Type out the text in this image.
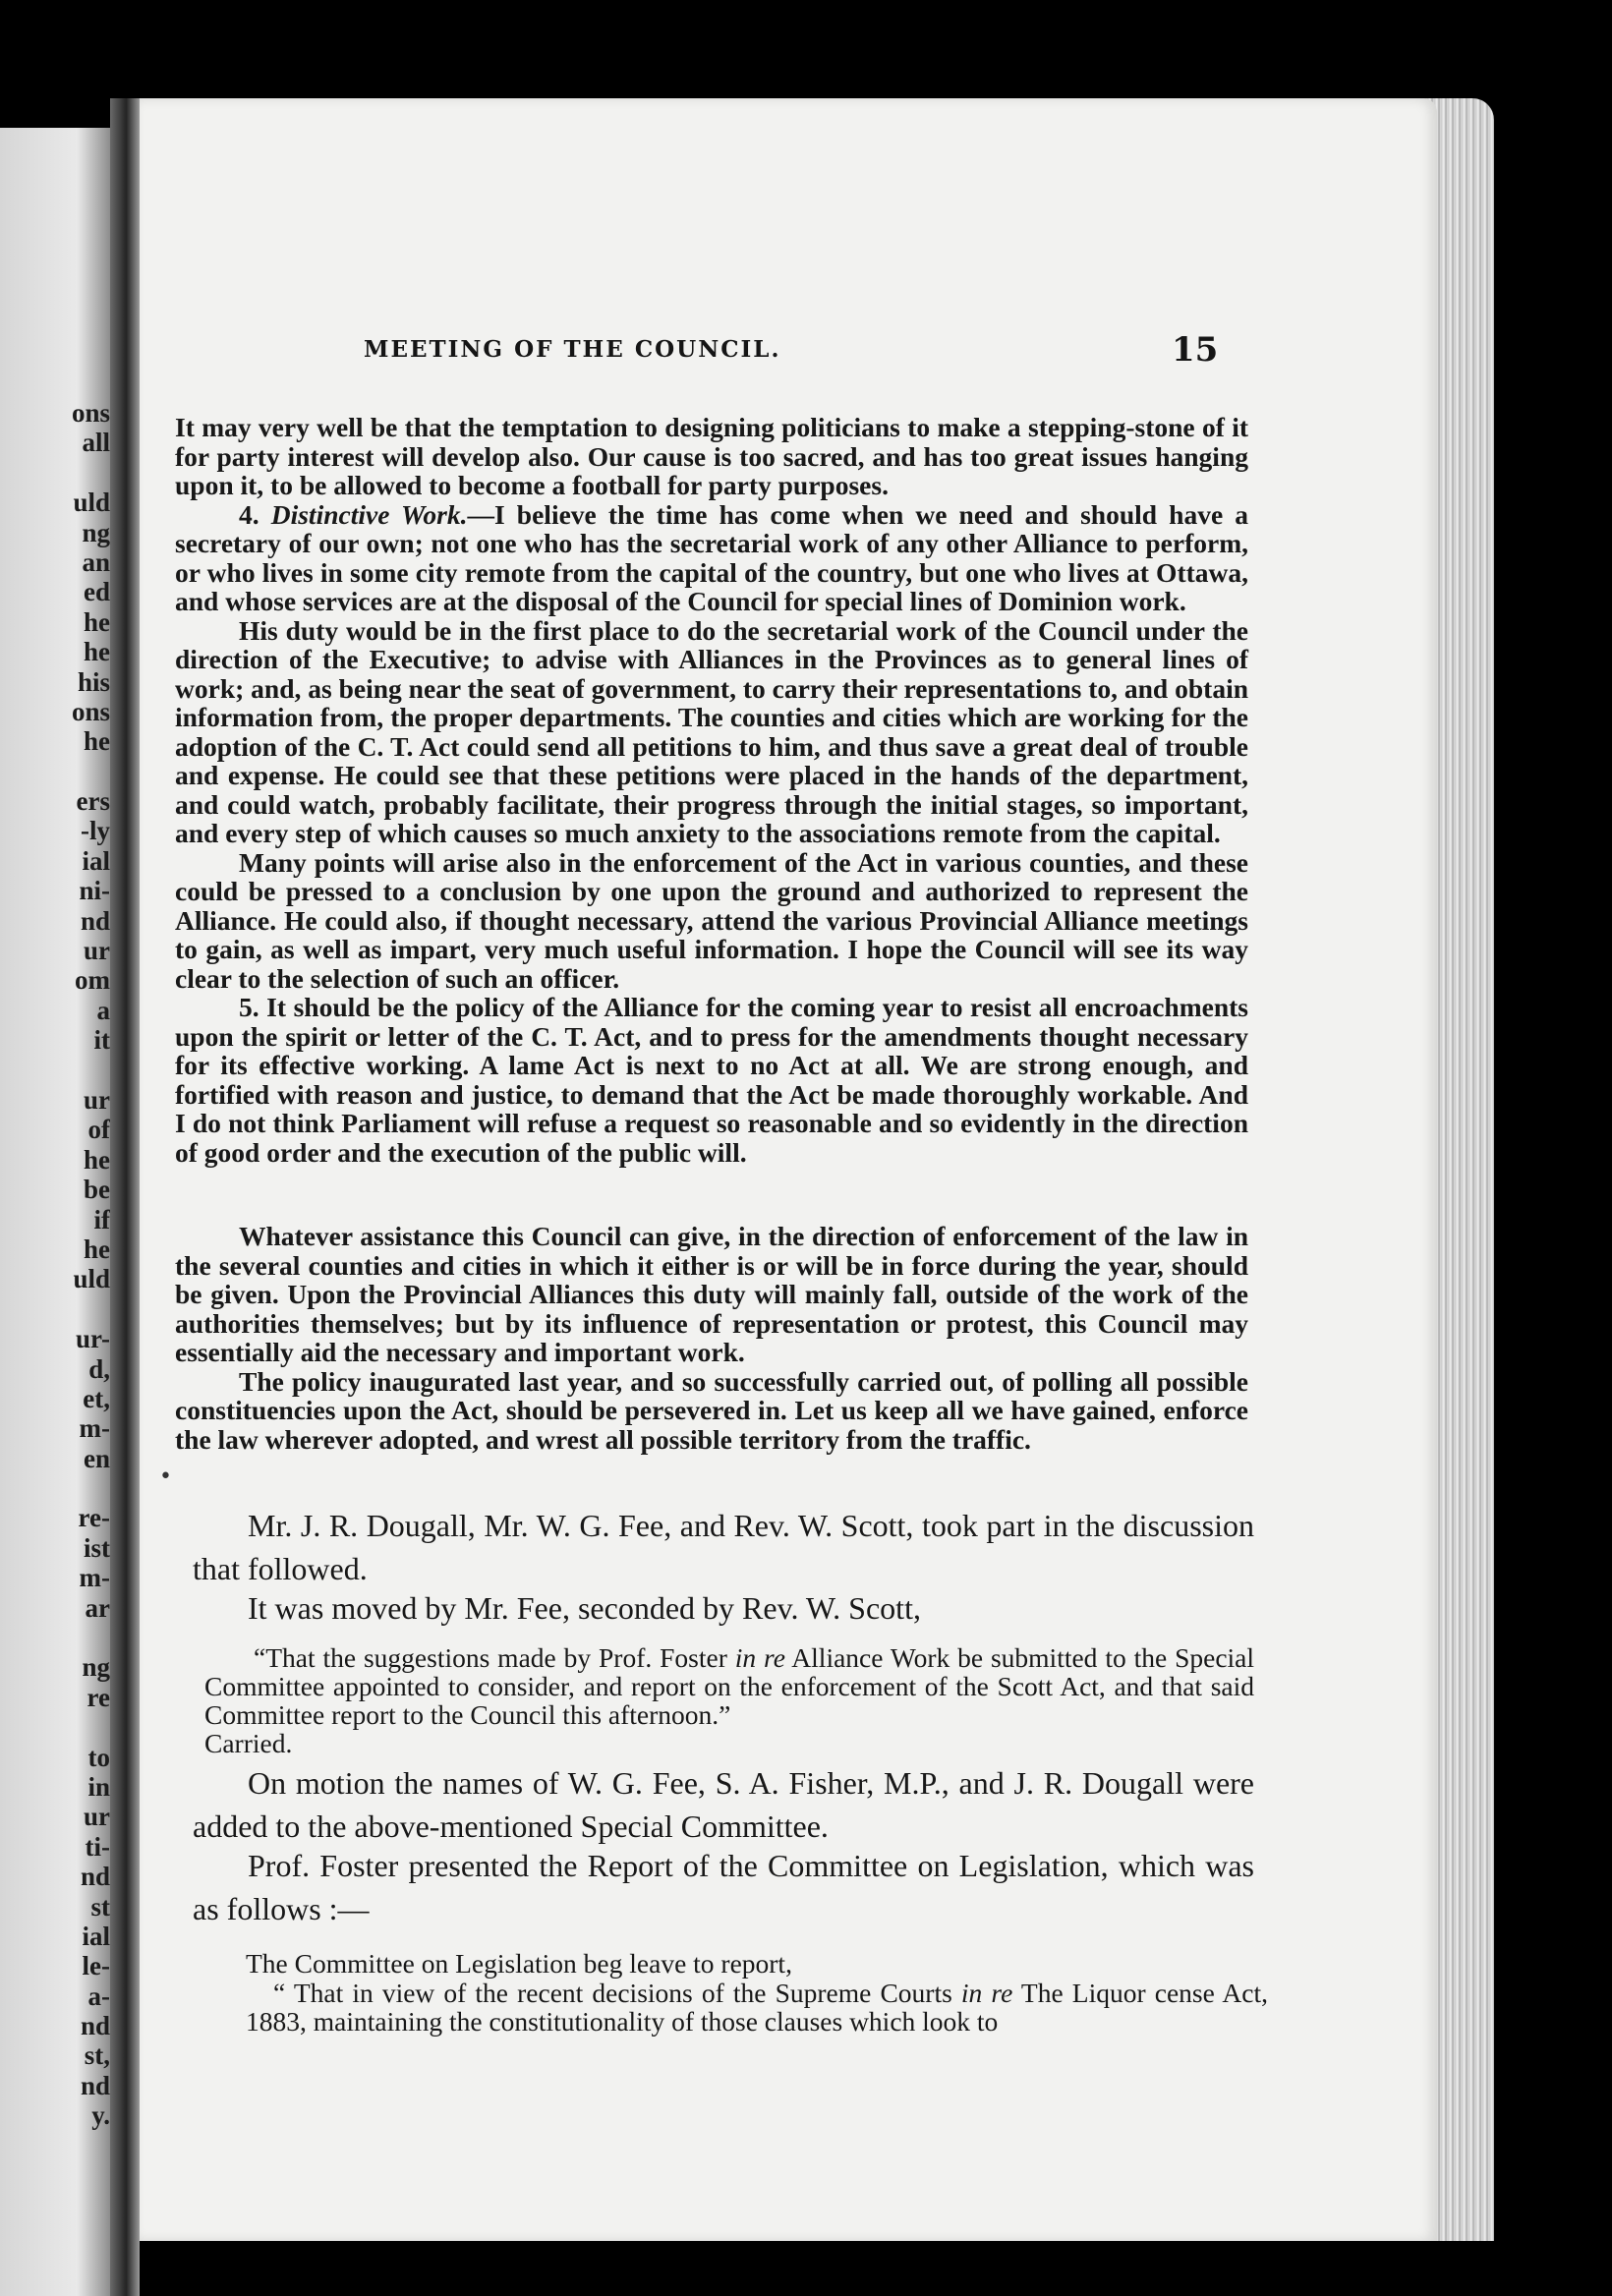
ons
all
uld
ng
an
ed
he
he
his
ons
he
ers
-ly
ial
ni-
nd
ur
om
a
it
ur
of
he
be
if
he
uld
ur-
d,
et,
m-
en
re-
ist
m-
ar
ng
re
to
in
ur
ti-
nd
st
ial
le-
a-
nd
st,
nd
y.
MEETING OF THE COUNCIL.	15

It may very well be that the temptation to designing politicians to make a stepping-stone of it for party interest will develop also. Our cause is too sacred, and has too great issues hanging upon it, to be allowed to become a football for party purposes.

4. Distinctive Work.—I believe the time has come when we need and should have a secretary of our own; not one who has the secretarial work of any other Alliance to perform, or who lives in some city remote from the capital of the country, but one who lives at Ottawa, and whose services are at the disposal of the Council for special lines of Dominion work.

His duty would be in the first place to do the secretarial work of the Council under the direction of the Executive; to advise with Alliances in the Provinces as to general lines of work; and, as being near the seat of government, to carry their representations to, and obtain information from, the proper departments. The counties and cities which are working for the adoption of the C. T. Act could send all petitions to him, and thus save a great deal of trouble and expense. He could see that these petitions were placed in the hands of the department, and could watch, probably facilitate, their progress through the initial stages, so important, and every step of which causes so much anxiety to the associations remote from the capital.

Many points will arise also in the enforcement of the Act in various counties, and these could be pressed to a conclusion by one upon the ground and authorized to represent the Alliance. He could also, if thought necessary, attend the various Provincial Alliance meetings to gain, as well as impart, very much useful information. I hope the Council will see its way clear to the selection of such an officer.

5. It should be the policy of the Alliance for the coming year to resist all encroachments upon the spirit or letter of the C. T. Act, and to press for the amendments thought necessary for its effective working. A lame Act is next to no Act at all. We are strong enough, and fortified with reason and justice, to demand that the Act be made thoroughly workable. And I do not think Parliament will refuse a request so reasonable and so evidently in the direction of good order and the execution of the public will.

Whatever assistance this Council can give, in the direction of enforcement of the law in the several counties and cities in which it either is or will be in force during the year, should be given. Upon the Provincial Alliances this duty will mainly fall, outside of the work of the authorities themselves; but by its influence of representation or protest, this Council may essentially aid the necessary and important work.

The policy inaugurated last year, and so successfully carried out, of polling all possible constituencies upon the Act, should be persevered in. Let us keep all we have gained, enforce the law wherever adopted, and wrest all possible territory from the traffic.

Mr. J. R. Dougall, Mr. W. G. Fee, and Rev. W. Scott, took part in the discussion that followed.

It was moved by Mr. Fee, seconded by Rev. W. Scott,

“That the suggestions made by Prof. Foster in re Alliance Work be submitted to the Special Committee appointed to consider, and report on the enforcement of the Scott Act, and that said Committee report to the Council this afternoon.”

Carried.

On motion the names of W. G. Fee, S. A. Fisher, M.P., and J. R. Dougall were added to the above-mentioned Special Committee.

Prof. Foster presented the Report of the Committee on Legislation, which was as follows :—

The Committee on Legislation beg leave to report,

“ That in view of the recent decisions of the Supreme Courts in re The Liquor cense Act, 1883, maintaining the constitutionality of those clauses which look to

•
